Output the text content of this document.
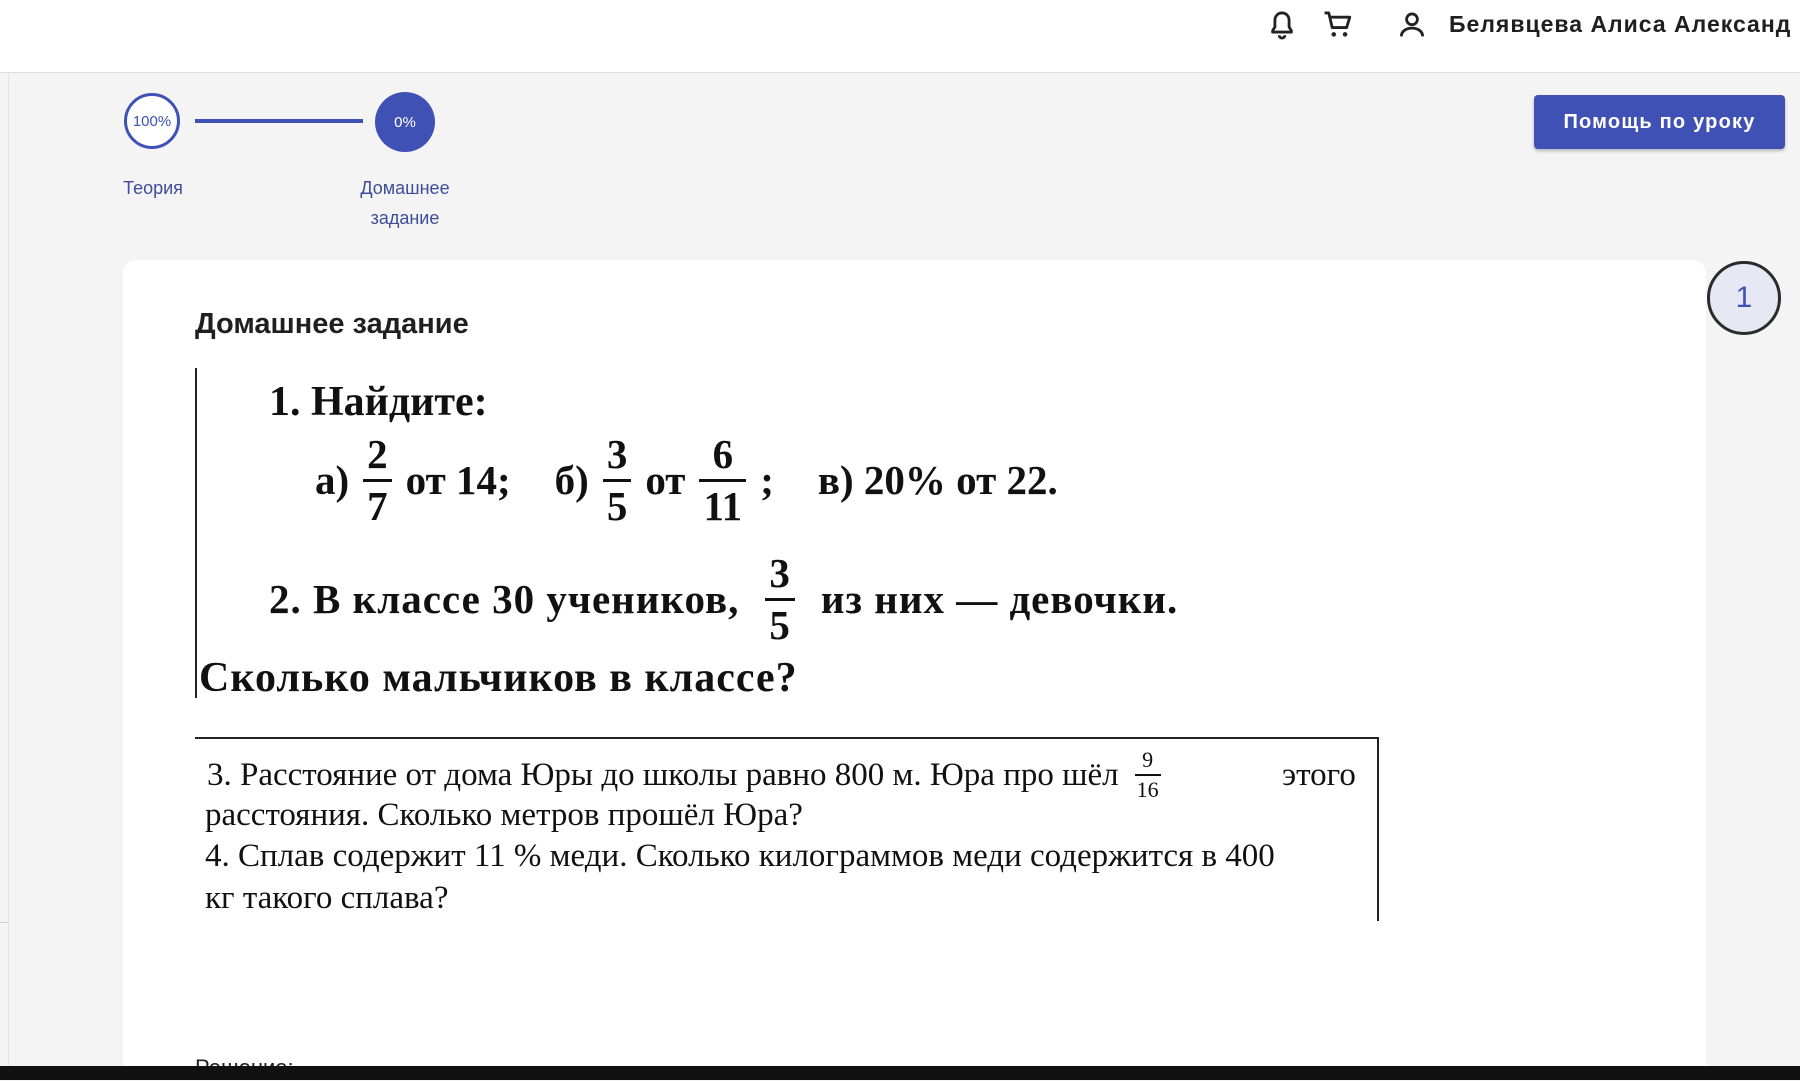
Белявцева Алиса Александ
100%	0%
Теория	Домашнее
задание
Помощь по уроку
1
Домашнее задание
1. Найдите:
$а) \frac{2}{7}$ от 14; $б) \frac{3}{5}$ от $\frac{6}{11}$ ; в) 20% от 22.
2. В классе 30 учеников, $\frac{3}{5}$ из них — девочки.
Сколько мальчиков в классе?
3. Расстояние от дома Юры до школы равно 800 м. Юра про шёл $\frac{9}{16}$	этого
расстояния. Сколько метров прошёл Юра?
4. Сплав содержит 11 % меди. Сколько килограммов меди содержится в 400
кг такого сплава?
